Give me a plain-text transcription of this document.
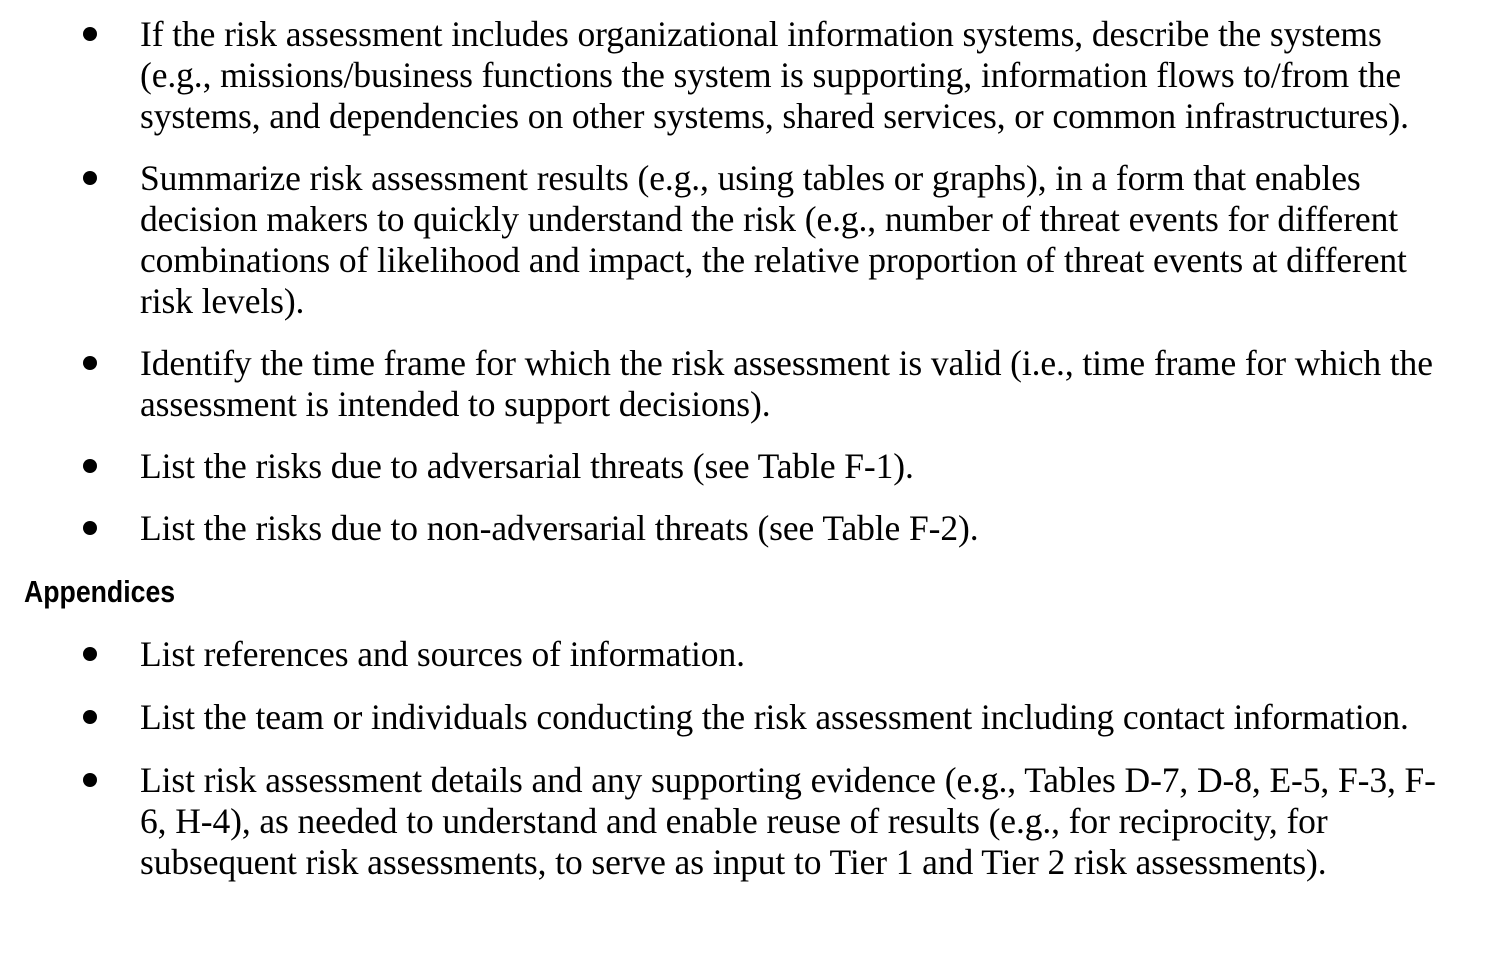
If the risk assessment includes organizational information systems, describe the systems (e.g., missions/business functions the system is supporting, information flows to/from the systems, and dependencies on other systems, shared services, or common infrastructures).
Summarize risk assessment results (e.g., using tables or graphs), in a form that enables decision makers to quickly understand the risk (e.g., number of threat events for different combinations of likelihood and impact, the relative proportion of threat events at different risk levels).
Identify the time frame for which the risk assessment is valid (i.e., time frame for which the assessment is intended to support decisions).
List the risks due to adversarial threats (see Table F-1).
List the risks due to non-adversarial threats (see Table F-2).
Appendices
List references and sources of information.
List the team or individuals conducting the risk assessment including contact information.
List risk assessment details and any supporting evidence (e.g., Tables D-7, D-8, E-5, F-3, F-6, H-4), as needed to understand and enable reuse of results (e.g., for reciprocity, for subsequent risk assessments, to serve as input to Tier 1 and Tier 2 risk assessments).
